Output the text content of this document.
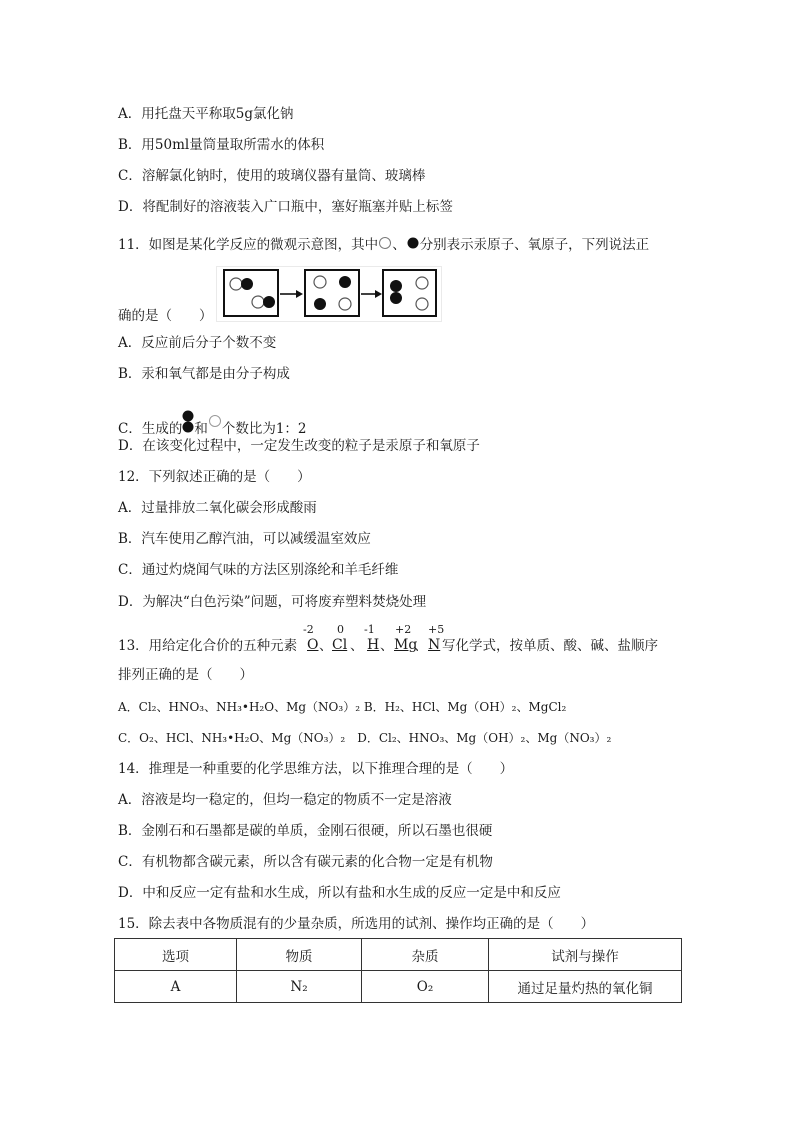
A．用托盘天平称取5g氯化钠
B．用50ml量筒量取所需水的体积
C．溶解氯化钠时，使用的玻璃仪器有量筒、玻璃棒
D．将配制好的溶液装入广口瓶中，塞好瓶塞并贴上标签
11．如图是某化学反应的微观示意图，其中 、 分别表示汞原子、氧原子，下列说法正
确的是（　　）
A．反应前后分子个数不变
B．汞和氧气都是由分子构成
C．生成的 和 个数比为1：2
D．在该变化过程中，一定发生改变的粒子是汞原子和氧原子
12．下列叙述正确的是（　　）
A．过量排放二氧化碳会形成酸雨
B．汽车使用乙醇汽油，可以减缓温室效应
C．通过灼烧闻气味的方法区别涤纶和羊毛纤维
D．为解决“白色污染”问题，可将废弃塑料焚烧处理
13．用给定化合价的五种元素
-2 0 -1 +2 +5
O 、 Cl 、 H 、 Mg
、 N 写化学式，按单质、酸、碱、盐顺序
排列正确的是（　　）
A．Cl₂、HNO₃、NH₃•H₂O、Mg（NO₃）₂ B．H₂、HCl、Mg（OH）₂、MgCl₂
C．O₂、HCl、NH₃•H₂O、Mg（NO₃）₂　D．Cl₂、HNO₃、Mg（OH）₂、Mg（NO₃）₂
14．推理是一种重要的化学思维方法，以下推理合理的是（　　）
A．溶液是均一稳定的，但均一稳定的物质不一定是溶液
B．金刚石和石墨都是碳的单质，金刚石很硬，所以石墨也很硬
C．有机物都含碳元素，所以含有碳元素的化合物一定是有机物
D．中和反应一定有盐和水生成，所以有盐和水生成的反应一定是中和反应
15．除去表中各物质混有的少量杂质，所选用的试剂、操作均正确的是（　　）
选项	物质	杂质	试剂与操作
A	N₂	O₂	通过足量灼热的氧化铜
